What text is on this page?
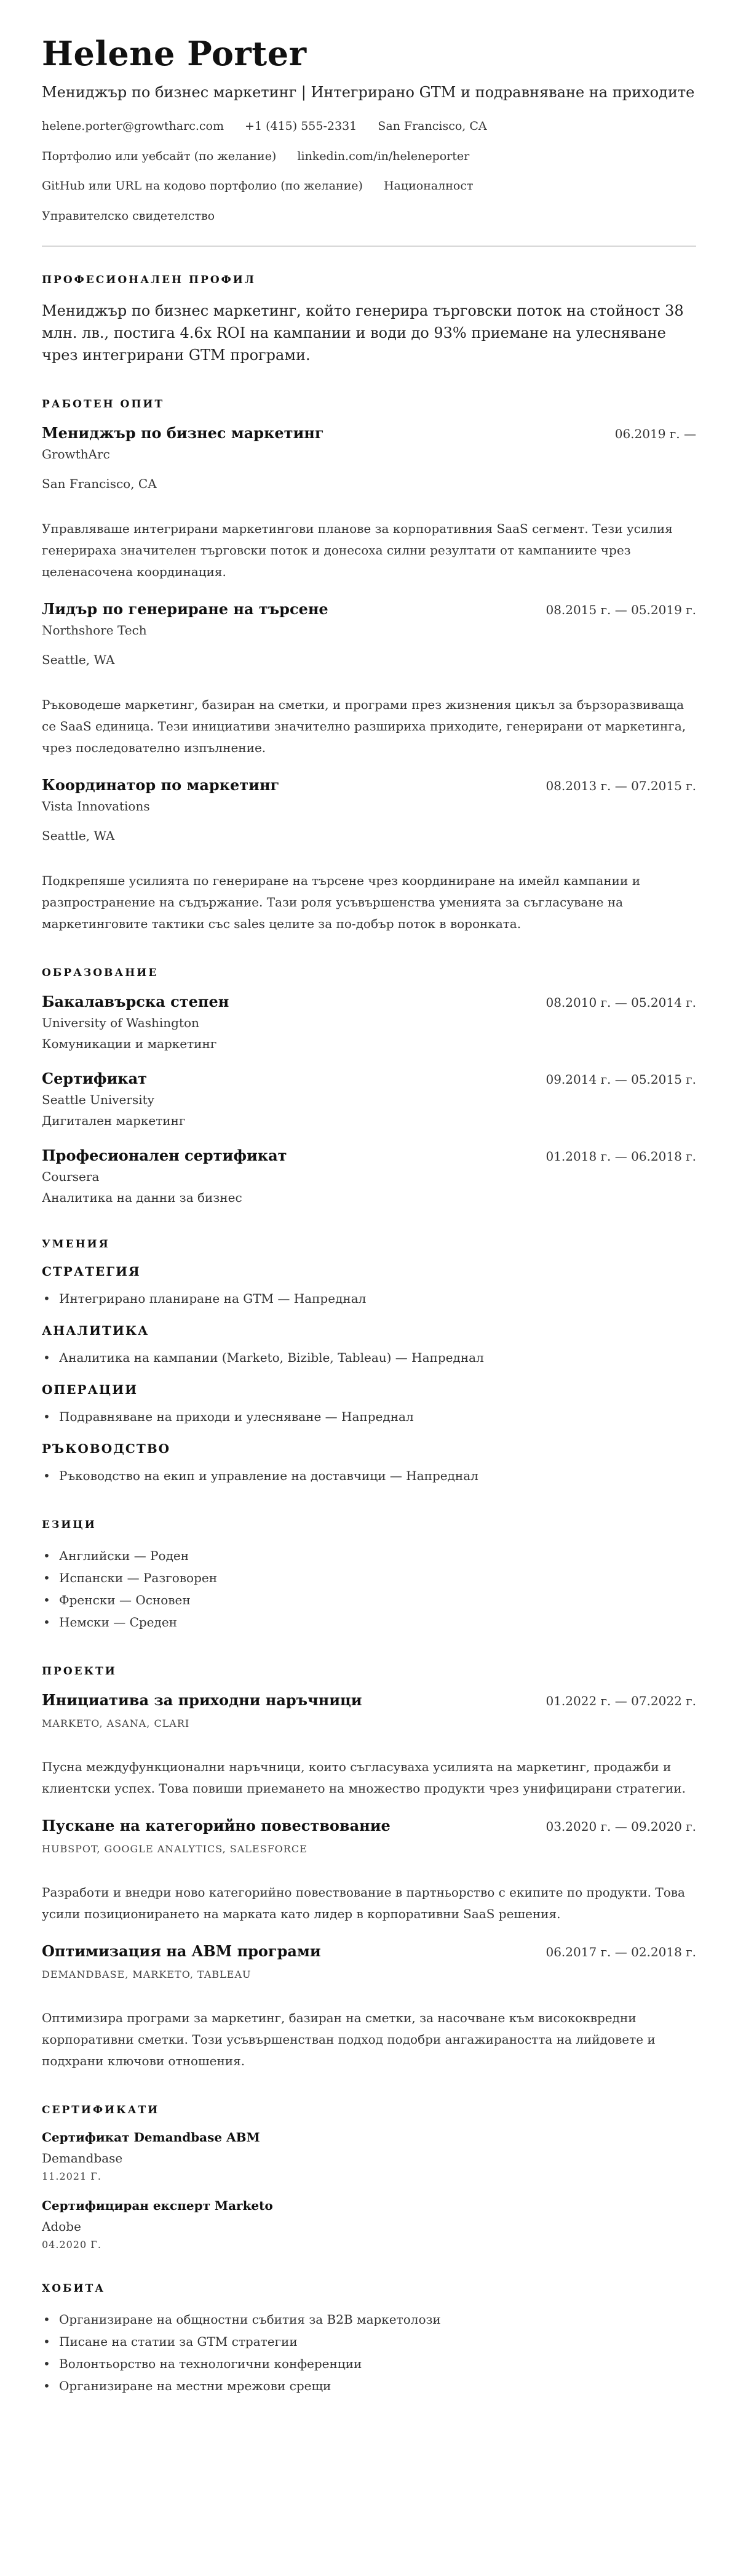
Helene Porter
Мениджър по бизнес маркетинг | Интегрирано GTM и подравняване на приходите
helene.porter@growtharc.com +1 (415) 555-2331 San Francisco, CA
Портфолио или уебсайт (по желание) linkedin.com/in/heleneporter
GitHub или URL на кодово портфолио (по желание) Националност
Управителско свидетелство
ПРОФЕСИОНАЛЕН ПРОФИЛ

Мениджър по бизнес маркетинг, който генерира търговски поток на стойност 38 млн. лв., постига 4.6x ROI на кампании и води до 93% приемане на улесняване чрез интегрирани GTM програми.

РАБОТЕН ОПИТ
Мениджър по бизнес маркетинг	06.2019 г. —
GrowthArc
San Francisco, CA

Управляваше интегрирани маркетингови планове за корпоративния SaaS сегмент. Тези усилия генерираха значителен търговски поток и донесоха силни резултати от кампаниите чрез целенасочена координация.

Лидър по генериране на търсене	08.2015 г. — 05.2019 г.
Northshore Tech
Seattle, WA

Ръководеше маркетинг, базиран на сметки, и програми през жизнения цикъл за бързоразвиваща се SaaS единица. Тези инициативи значително разшириха приходите, генерирани от маркетинга, чрез последователно изпълнение.

Координатор по маркетинг	08.2013 г. — 07.2015 г.
Vista Innovations
Seattle, WA

Подкрепяше усилията по генериране на търсене чрез координиране на имейл кампании и разпространение на съдържание. Тази роля усъвършенства уменията за съгласуване на маркетинговите тактики със sales целите за по-добър поток в воронката.

ОБРАЗОВАНИЕ
Бакалавърска степен	08.2010 г. — 05.2014 г.
University of Washington
Комуникации и маркетинг
Сертификат	09.2014 г. — 05.2015 г.
Seattle University
Дигитален маркетинг
Професионален сертификат	01.2018 г. — 06.2018 г.
Coursera
Аналитика на данни за бизнес
УМЕНИЯ
СТРАТЕГИЯ
• Интегрирано планиране на GTM — Напреднал
АНАЛИТИКА
• Аналитика на кампании (Marketo, Bizible, Tableau) — Напреднал
ОПЕРАЦИИ
• Подравняване на приходи и улесняване — Напреднал
РЪКОВОДСТВО
• Ръководство на екип и управление на доставчици — Напреднал
ЕЗИЦИ
• Английски — Роден
• Испански — Разговорен
• Френски — Основен
• Немски — Среден
ПРОЕКТИ
Инициатива за приходни наръчници	01.2022 г. — 07.2022 г.
MARKETO, ASANA, CLARI

Пусна междуфункционални наръчници, които съгласуваха усилията на маркетинг, продажби и клиентски успех. Това повиши приемането на множество продукти чрез унифицирани стратегии.

Пускане на категорийно повествование	03.2020 г. — 09.2020 г.
HUBSPOT, GOOGLE ANALYTICS, SALESFORCE

Разработи и внедри ново категорийно повествование в партньорство с екипите по продукти. Това усили позиционирането на марката като лидер в корпоративни SaaS решения.

Оптимизация на ABM програми	06.2017 г. — 02.2018 г.
DEMANDBASE, MARKETO, TABLEAU

Оптимизира програми за маркетинг, базиран на сметки, за насочване към висококвредни корпоративни сметки. Този усъвършенстван подход подобри ангажираността на лийдовете и подхрани ключови отношения.

СЕРТИФИКАТИ
Сертификат Demandbase ABM
Demandbase
11.2021 Г.
Сертифициран експерт Marketo
Adobe
04.2020 Г.
ХОБИТА
• Организиране на общностни събития за B2B маркетолози
• Писане на статии за GTM стратегии
• Волонтьорство на технологични конференции
• Организиране на местни мрежови срещи
